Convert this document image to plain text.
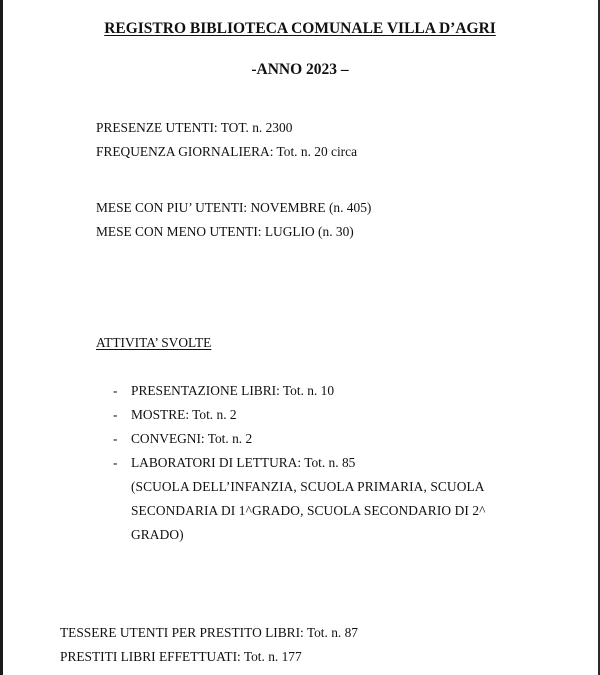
REGISTRO BIBLIOTECA COMUNALE VILLA D’AGRI
-ANNO 2023 –
PRESENZE UTENTI: TOT. n. 2300
FREQUENZA GIORNALIERA: Tot. n. 20 circa
MESE CON PIU’ UTENTI: NOVEMBRE (n. 405)
MESE CON MENO UTENTI: LUGLIO (n. 30)
ATTIVITA’ SVOLTE
- PRESENTAZIONE LIBRI: Tot. n. 10
- MOSTRE: Tot. n. 2
- CONVEGNI: Tot. n. 2
- LABORATORI DI LETTURA: Tot. n. 85
(SCUOLA DELL’INFANZIA, SCUOLA PRIMARIA, SCUOLA SECONDARIA DI 1^GRADO, SCUOLA SECONDARIO DI 2^ GRADO)
TESSERE UTENTI PER PRESTITO LIBRI: Tot. n. 87
PRESTITI LIBRI EFFETTUATI: Tot. n. 177
